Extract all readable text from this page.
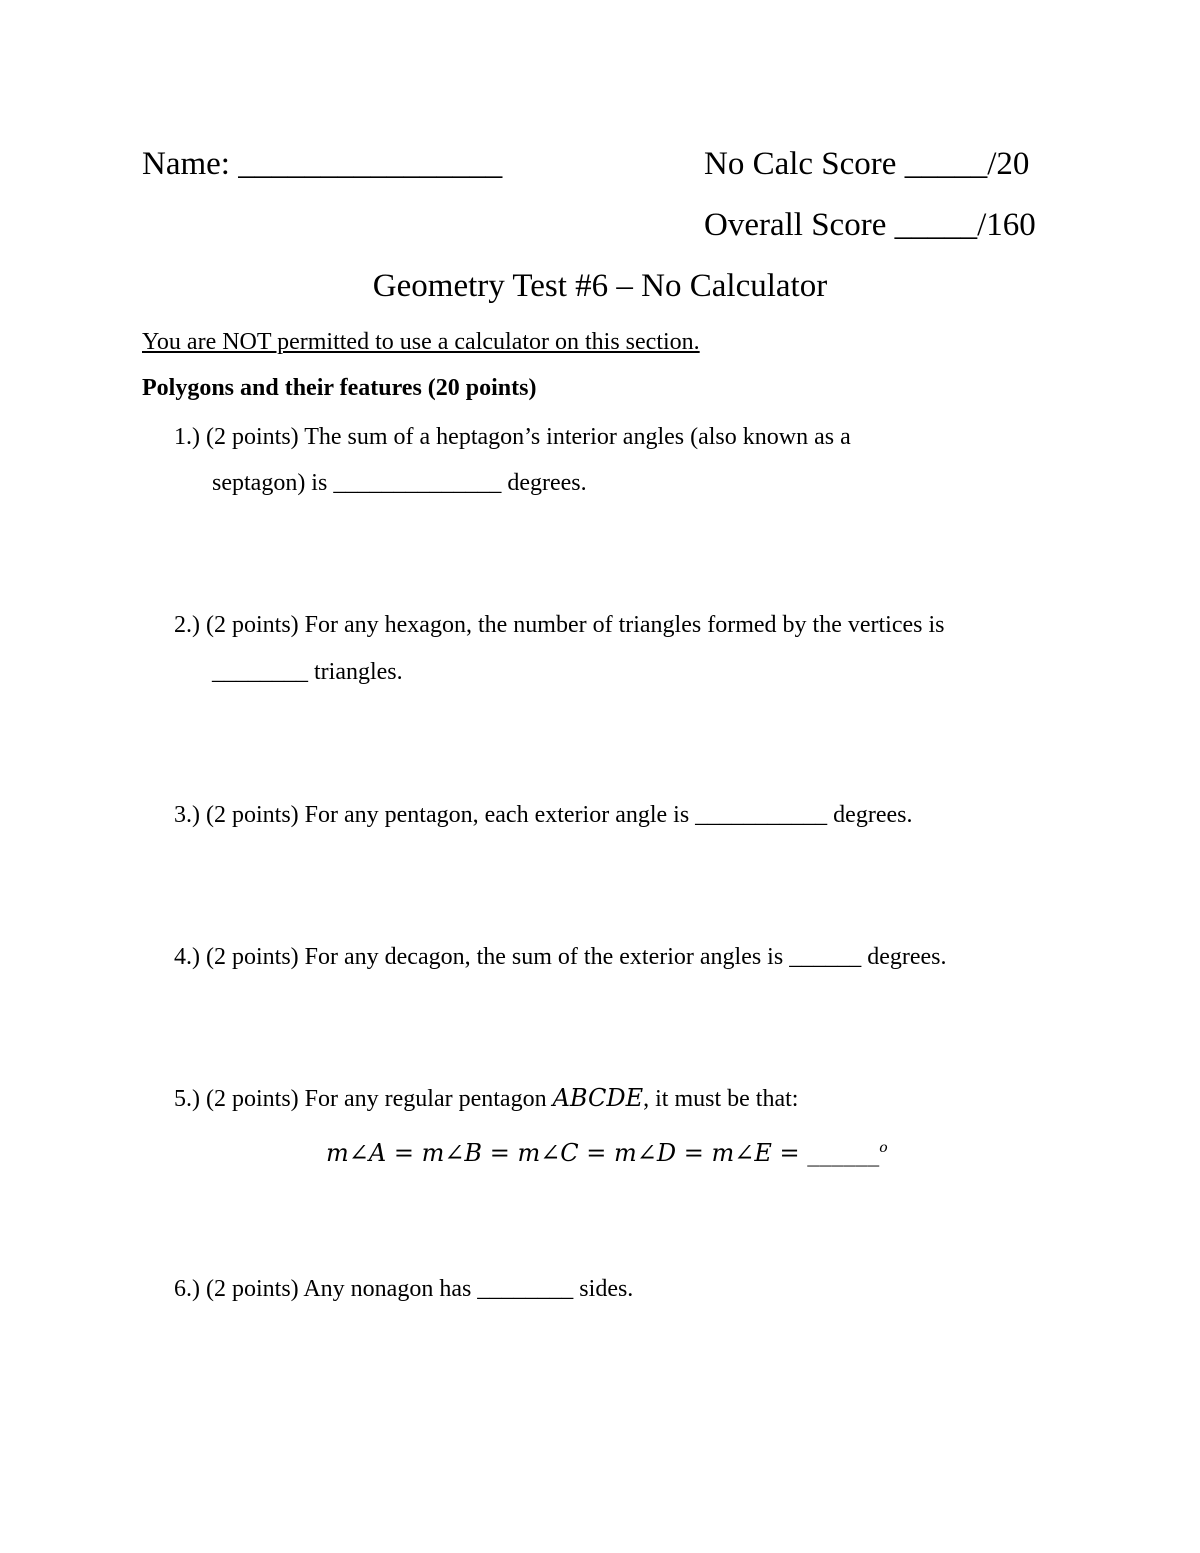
Name: ________________	No Calc Score _____/20
Overall Score _____/160
Geometry Test #6 – No Calculator
You are NOT permitted to use a calculator on this section.
Polygons and their features (20 points)
1.) (2 points) The sum of a heptagon’s interior angles (also known as a
septagon) is ______________ degrees.
2.) (2 points) For any hexagon, the number of triangles formed by the vertices is
________ triangles.
3.) (2 points) For any pentagon, each exterior angle is ___________ degrees.
4.) (2 points) For any decagon, the sum of the exterior angles is ______ degrees.
5.) (2 points) For any regular pentagon ABCDE, it must be that:
m∠A = m∠B = m∠C = m∠D = m∠E = ______$^o$
6.) (2 points) Any nonagon has ________ sides.
